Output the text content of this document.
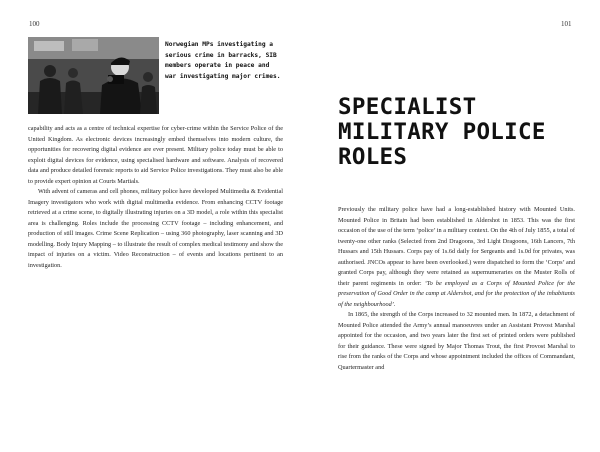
100	101
Norwegian MPs investigating a serious crime in barracks, SIB members operate in peace and war investigating major crimes.

capability and acts as a centre of technical expertise for cyber-crime within the Service Police of the United Kingdom. As electronic devices increasingly embed themselves into modern culture, the opportunities for recovering digital evidence are ever present. Military police today must be able to exploit digital devices for evidence, using specialised hardware and software. Analysis of recovered data and produce detailed forensic reports to aid Service Police investigations. They must also be able to provide expert opinion at Courts Martials.

With advent of cameras and cell phones, military police have developed Multimedia & Evidential Imagery investigators who work with digital multimedia evidence. From enhancing CCTV footage retrieved at a crime scene, to digitally illustrating injuries on a 3D model, a role within this specialist area is challenging. Roles include the processing CCTV footage – including enhancement, and production of still images. Crime Scene Replication – using 360 photography, laser scanning and 3D modelling. Body Injury Mapping – to illustrate the result of complex medical testimony and show the impact of injuries on a victim. Video Reconstruction – of events and locations pertinent to an investigation.

SPECIALIST
MILITARY POLICE
ROLES

Previously the military police have had a long-established history with Mounted Units. Mounted Police in Britain had been established in Aldershot in 1853. This was the first occasion of the use of the term ‘police’ in a military context. On the 4th of July 1855, a total of twenty-one other ranks (Selected from 2nd Dragoons, 3rd Light Dragoons, 16th Lancers, 7th Hussars and 15th Hussars. Corps pay of 1s.6d daily for Sergeants and 1s.0d for privates, was authorised. JNCOs appear to have been overlooked.) were dispatched to form the ‘Corps’ and granted Corps pay, although they were retained as supernumeraries on the Muster Rolls of their parent regiments in order: ‘To be employed as a Corps of Mounted Police for the preservation of Good Order in the camp at Aldershot, and for the protection of the inhabitants of the neighbourhood’.

In 1865, the strength of the Corps increased to 32 mounted men. In 1872, a detachment of Mounted Police attended the Army’s annual manoeuvres under an Assistant Provost Marshal appointed for the occasion, and two years later the first set of printed orders were published for their guidance. These were signed by Major Thomas Trout, the first Provost Marshal to rise from the ranks of the Corps and whose appointment included the offices of Commandant, Quartermaster and
